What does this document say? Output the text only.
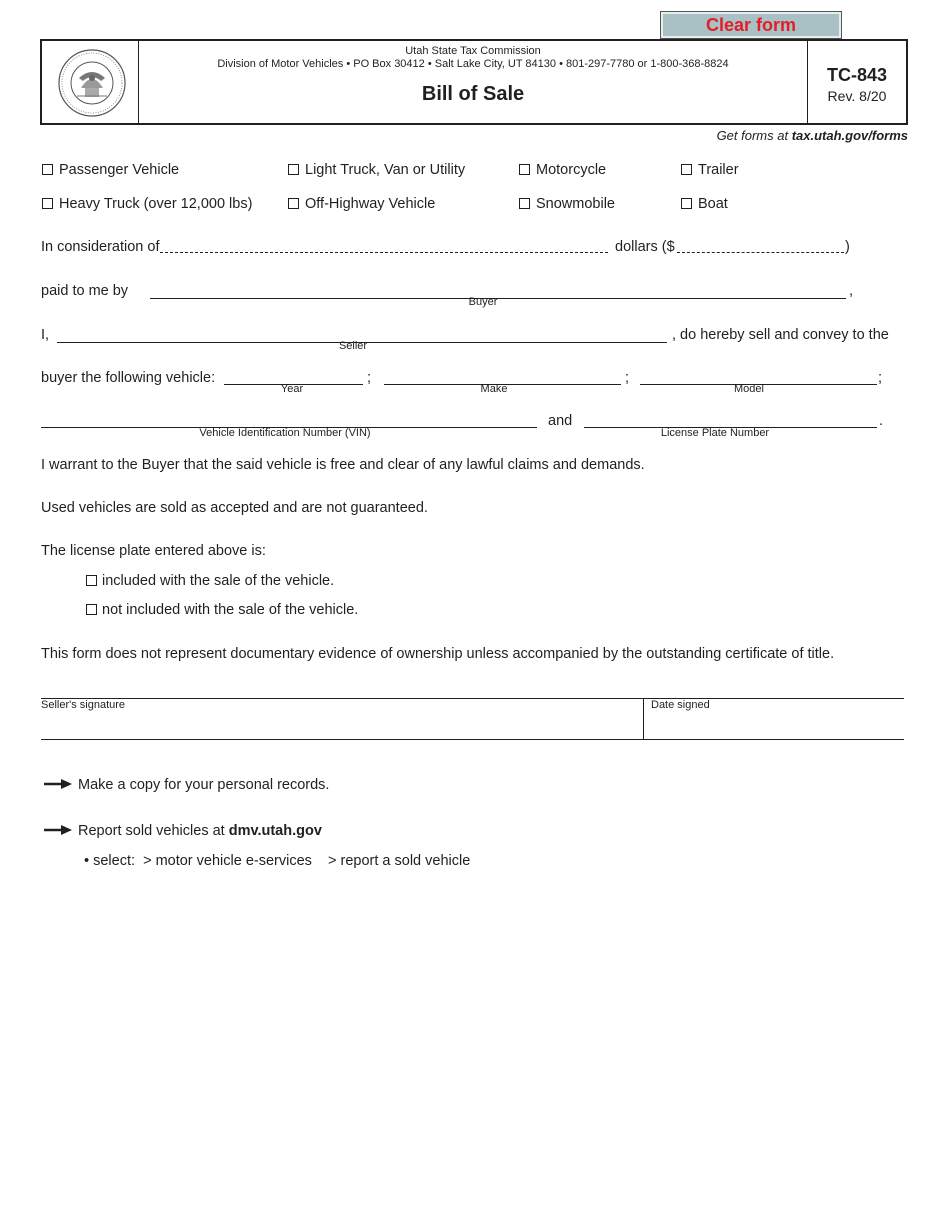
Clear form
Utah State Tax Commission
Division of Motor Vehicles • PO Box 30412 • Salt Lake City, UT 84130 • 801-297-7780 or 1-800-368-8824
Bill of Sale
TC-843
Rev. 8/20
Get forms at tax.utah.gov/forms
Passenger Vehicle	Light Truck, Van or Utility	Motorcycle	Trailer
Heavy Truck (over 12,000 lbs)	Off-Highway Vehicle	Snowmobile	Boat
In consideration of	dollars ($	)
paid to me by	,
Buyer
I,	, do hereby sell and convey to the
Seller
buyer the following vehicle:	;	;	;
Year	Make	Model
and	.
Vehicle Identification Number (VIN)	License Plate Number
I warrant to the Buyer that the said vehicle is free and clear of any lawful claims and demands.
Used vehicles are sold as accepted and are not guaranteed.
The license plate entered above is:
included with the sale of the vehicle.
not included with the sale of the vehicle.
This form does not represent documentary evidence of ownership unless accompanied by the outstanding certificate of title.
Seller's signature	Date signed
Make a copy for your personal records.
Report sold vehicles at dmv.utah.gov
• select:  > motor vehicle e-services    > report a sold vehicle
